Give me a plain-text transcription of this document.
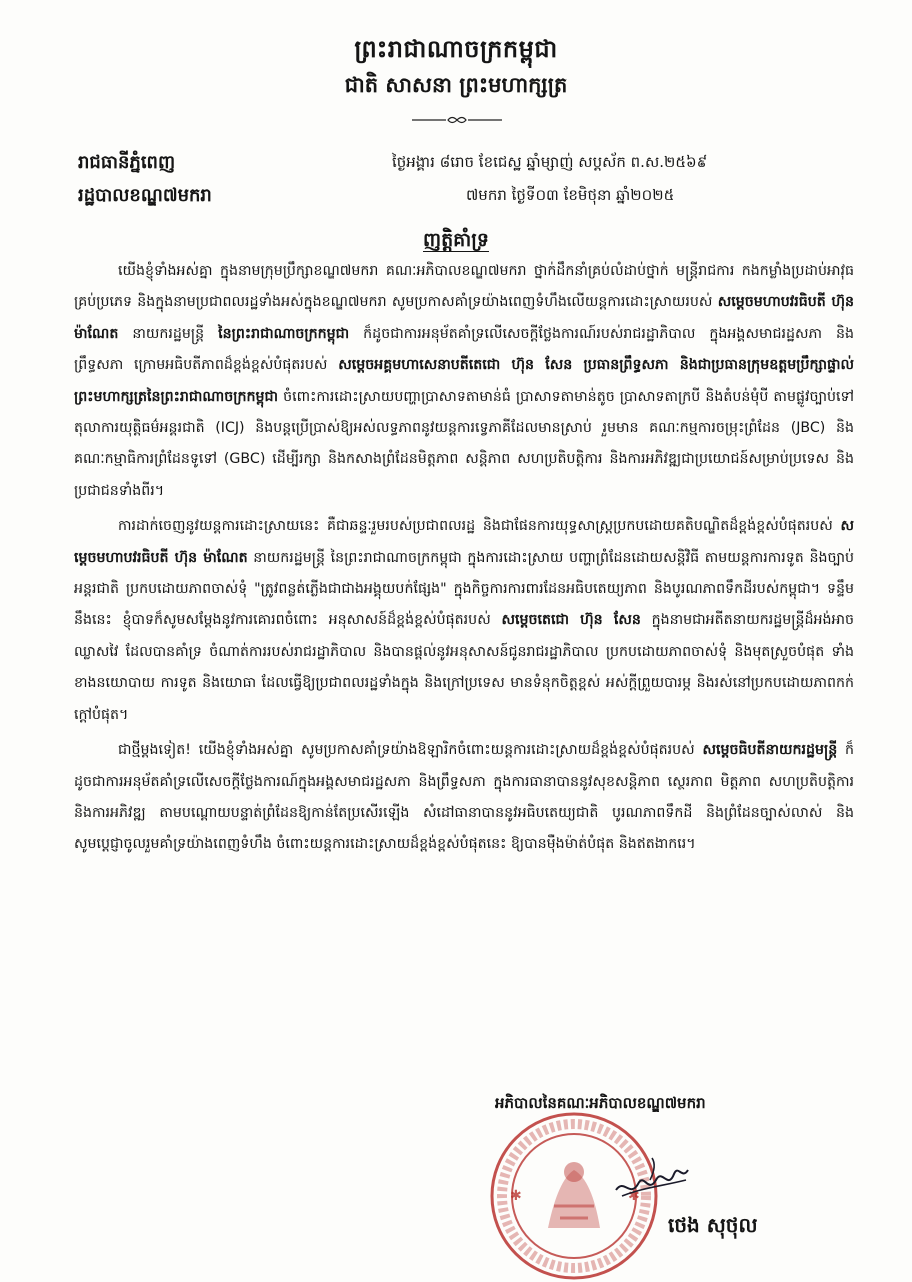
ព្រះរាជាណាចក្រកម្ពុជា
ជាតិ សាសនា ព្រះមហាក្សត្រ
រាជធានីភ្នំពេញ
រដ្ឋបាលខណ្ឌ៧មករា
ថ្ងៃអង្គារ ៨រោច ខែជេស្ឋ ឆ្នាំម្សាញ់ សប្តស័ក ព.ស.២៥៦៩
៧មករា ថ្ងៃទី០៣ ខែមិថុនា ឆ្នាំ២០២៥
ញត្តិគាំទ្រ

យើងខ្ញុំទាំងអស់គ្នា ក្នុងនាមក្រុមប្រឹក្សាខណ្ឌ៧មករា គណៈអភិបាលខណ្ឌ៧មករា ថ្នាក់ដឹកនាំគ្រប់លំដាប់ថ្នាក់ មន្ត្រីរាជការ កងកម្លាំងប្រដាប់អាវុធគ្រប់ប្រភេទ និងក្នុងនាមប្រជាពលរដ្ឋទាំងអស់ក្នុងខណ្ឌ៧មករា សូមប្រកាសគាំទ្រយ៉ាងពេញទំហឹងលើយន្តការដោះស្រាយរបស់ សម្តេចមហាបវរធិបតី ហ៊ុន ម៉ាណែត នាយករដ្ឋមន្ត្រី នៃព្រះរាជាណាចក្រកម្ពុជា ក៏ដូចជាការអនុម័តគាំទ្រលើសេចក្តីថ្លែងការណ៍របស់រាជរដ្ឋាភិបាល ក្នុងអង្គសមាជរដ្ឋសភា និងព្រឹទ្ធសភា ក្រោមអធិបតីភាពដ៏ខ្ពង់ខ្ពស់បំផុតរបស់ សម្តេចអគ្គមហាសេនាបតីតេជោ ហ៊ុន សែន ប្រធានព្រឹទ្ធសភា និងជាប្រធានក្រុមឧត្តមប្រឹក្សាផ្ទាល់ព្រះមហាក្សត្រនៃព្រះរាជាណាចក្រកម្ពុជា ចំពោះការដោះស្រាយបញ្ហាប្រាសាទតាមាន់ធំ ប្រាសាទតាមាន់តូច ប្រាសាទតាក្របី និងតំបន់មុំបី តាមផ្លូវច្បាប់ទៅតុលាការយុត្តិធម៌អន្តរជាតិ (ICJ) និងបន្តប្រើប្រាស់ឱ្យអស់លទ្ធភាពនូវយន្តការទ្វេភាគីដែលមានស្រាប់ រួមមាន គណៈកម្មការចម្រុះព្រំដែន (JBC) និង គណៈកម្មាធិការព្រំដែនទូទៅ (GBC) ដើម្បីរក្សា និងកសាងព្រំដែនមិត្តភាព សន្តិភាព សហប្រតិបត្តិការ និងការអភិវឌ្ឍជាប្រយោជន៍សម្រាប់ប្រទេស និងប្រជាជនទាំងពីរ។

ការដាក់ចេញនូវយន្តការដោះស្រាយនេះ គឺជាឆន្ទៈរួមរបស់ប្រជាពលរដ្ឋ និងជាផែនការយុទ្ធសាស្ត្រប្រកបដោយគតិបណ្ឌិតដ៏ខ្ពង់ខ្ពស់បំផុតរបស់ សម្តេចមហាបវរធិបតី ហ៊ុន ម៉ាណែត នាយករដ្ឋមន្ត្រី នៃព្រះរាជាណាចក្រកម្ពុជា ក្នុងការដោះស្រាយ បញ្ហាព្រំដែនដោយសន្តិវិធី តាមយន្តការការទូត និងច្បាប់អន្តរជាតិ ប្រកបដោយភាពចាស់ទុំ "ត្រូវពន្លត់ភ្លើងជាជាងអង្គុយបក់ផ្សែង" ក្នុងកិច្ចការការពារដែនអធិបតេយ្យភាព និងបូរណភាពទឹកដីរបស់កម្ពុជា។ ទន្ទឹមនឹងនេះ ខ្ញុំបាទក៏សូមសម្តែងនូវការគោរពចំពោះ អនុសាសន៍ដ៏ខ្ពង់ខ្ពស់បំផុតរបស់ សម្តេចតេជោ ហ៊ុន សែន ក្នុងនាមជាអតីតនាយករដ្ឋមន្ត្រីដ៏អង់អាចឈ្លាសវៃ ដែលបានគាំទ្រ ចំណាត់ការរបស់រាជរដ្ឋាភិបាល និងបានផ្តល់នូវអនុសាសន៍ជូនរាជរដ្ឋាភិបាល ប្រកបដោយភាពចាស់ទុំ និងមុតស្រួចបំផុត ទាំងខាងនយោបាយ ការទូត និងយោធា ដែលធ្វើឱ្យប្រជាពលរដ្ឋទាំងក្នុង និងក្រៅប្រទេស មានទំនុកចិត្តខ្ពស់ អស់ក្តីព្រួយបារម្ភ និងរស់នៅប្រកបដោយភាពកក់ក្តៅបំផុត។

ជាថ្មីម្តងទៀត! យើងខ្ញុំទាំងអស់គ្នា សូមប្រកាសគាំទ្រយ៉ាងឱឡារិកចំពោះយន្តការដោះស្រាយដ៏ខ្ពង់ខ្ពស់បំផុតរបស់ សម្តេចធិបតីនាយករដ្ឋមន្ត្រី ក៏ដូចជាការអនុម័តគាំទ្រលើសេចក្តីថ្លែងការណ៍ក្នុងអង្គសមាជរដ្ឋសភា និងព្រឹទ្ធសភា ក្នុងការធានាបាននូវសុខសន្តិភាព ស្ថេរភាព មិត្តភាព សហប្រតិបត្តិការ និងការអភិវឌ្ឍ តាមបណ្តោយបន្ទាត់ព្រំដែនឱ្យកាន់តែប្រសើរឡើង សំដៅធានាបាននូវអធិបតេយ្យជាតិ បូរណភាពទឹកដី និងព្រំដែនច្បាស់លាស់ និងសូមប្តេជ្ញាចូលរួមគាំទ្រយ៉ាងពេញទំហឹង ចំពោះយន្តការដោះស្រាយដ៏ខ្ពង់ខ្ពស់បំផុតនេះ ឱ្យបានម៉ឺងម៉ាត់បំផុត និងឥតងាករេ។

អភិបាលនៃគណៈអភិបាលខណ្ឌ៧មករា
✱	✱
ថេង សុថុល
